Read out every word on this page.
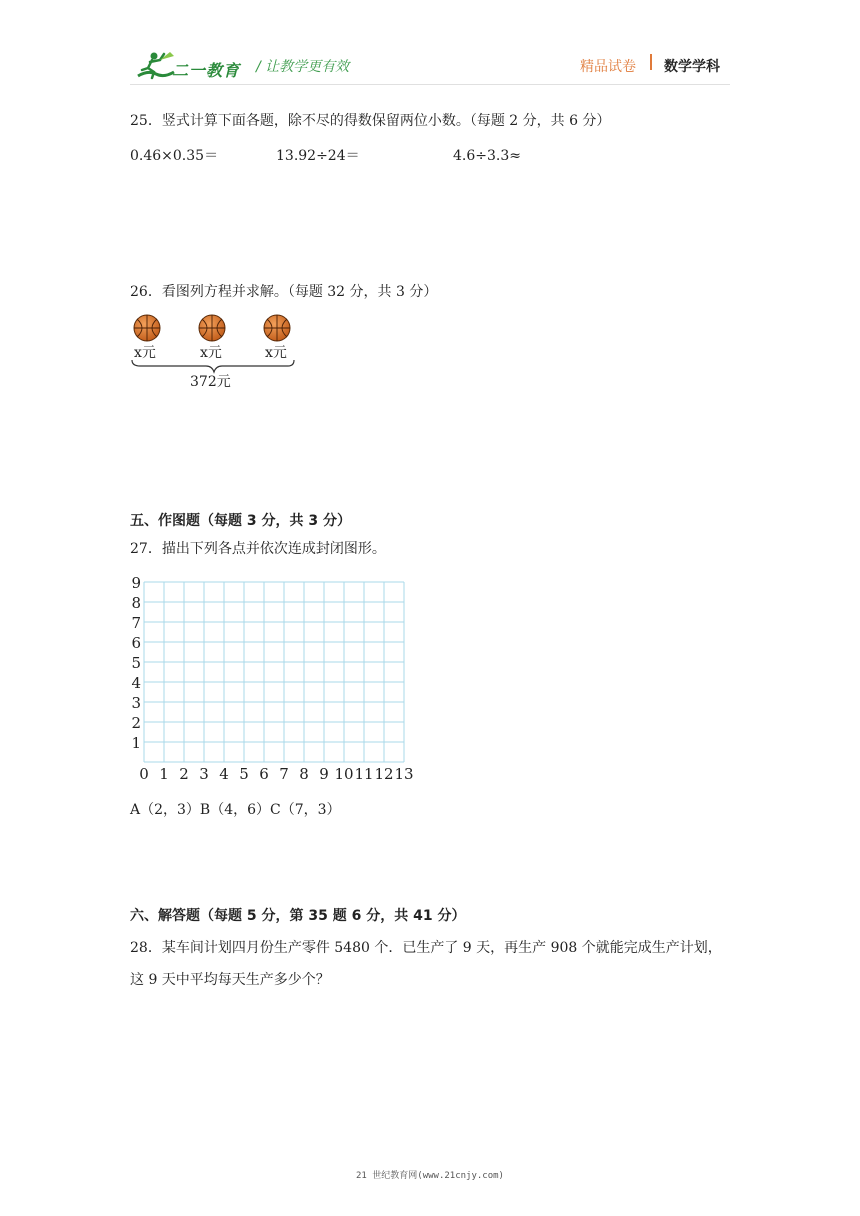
二一教育 / 让教学更有效	精品试卷 数学学科
25．竖式计算下面各题，除不尽的得数保留两位小数。（每题 2 分，共 6 分）
0.46×0.35＝	13.92÷24＝	4.6÷3.3≈
26．看图列方程并求解。（每题 32 分，共 3 分）
x元	x元	x元
372元
五、作图题（每题 3 分，共 3 分）
27．描出下列各点并依次连成封闭图形。
0 1 2 3 4 5 6 7 8 9 10 11 12 13
1
2
3
4
5
6
7
8
9
A（2，3）B（4，6）C（7，3）
六、解答题（每题 5 分，第 35 题 6 分，共 41 分）
28．某车间计划四月份生产零件 5480 个．已生产了 9 天，再生产 908 个就能完成生产计划，
这 9 天中平均每天生产多少个？
21 世纪教育网(www.21cnjy.com)
